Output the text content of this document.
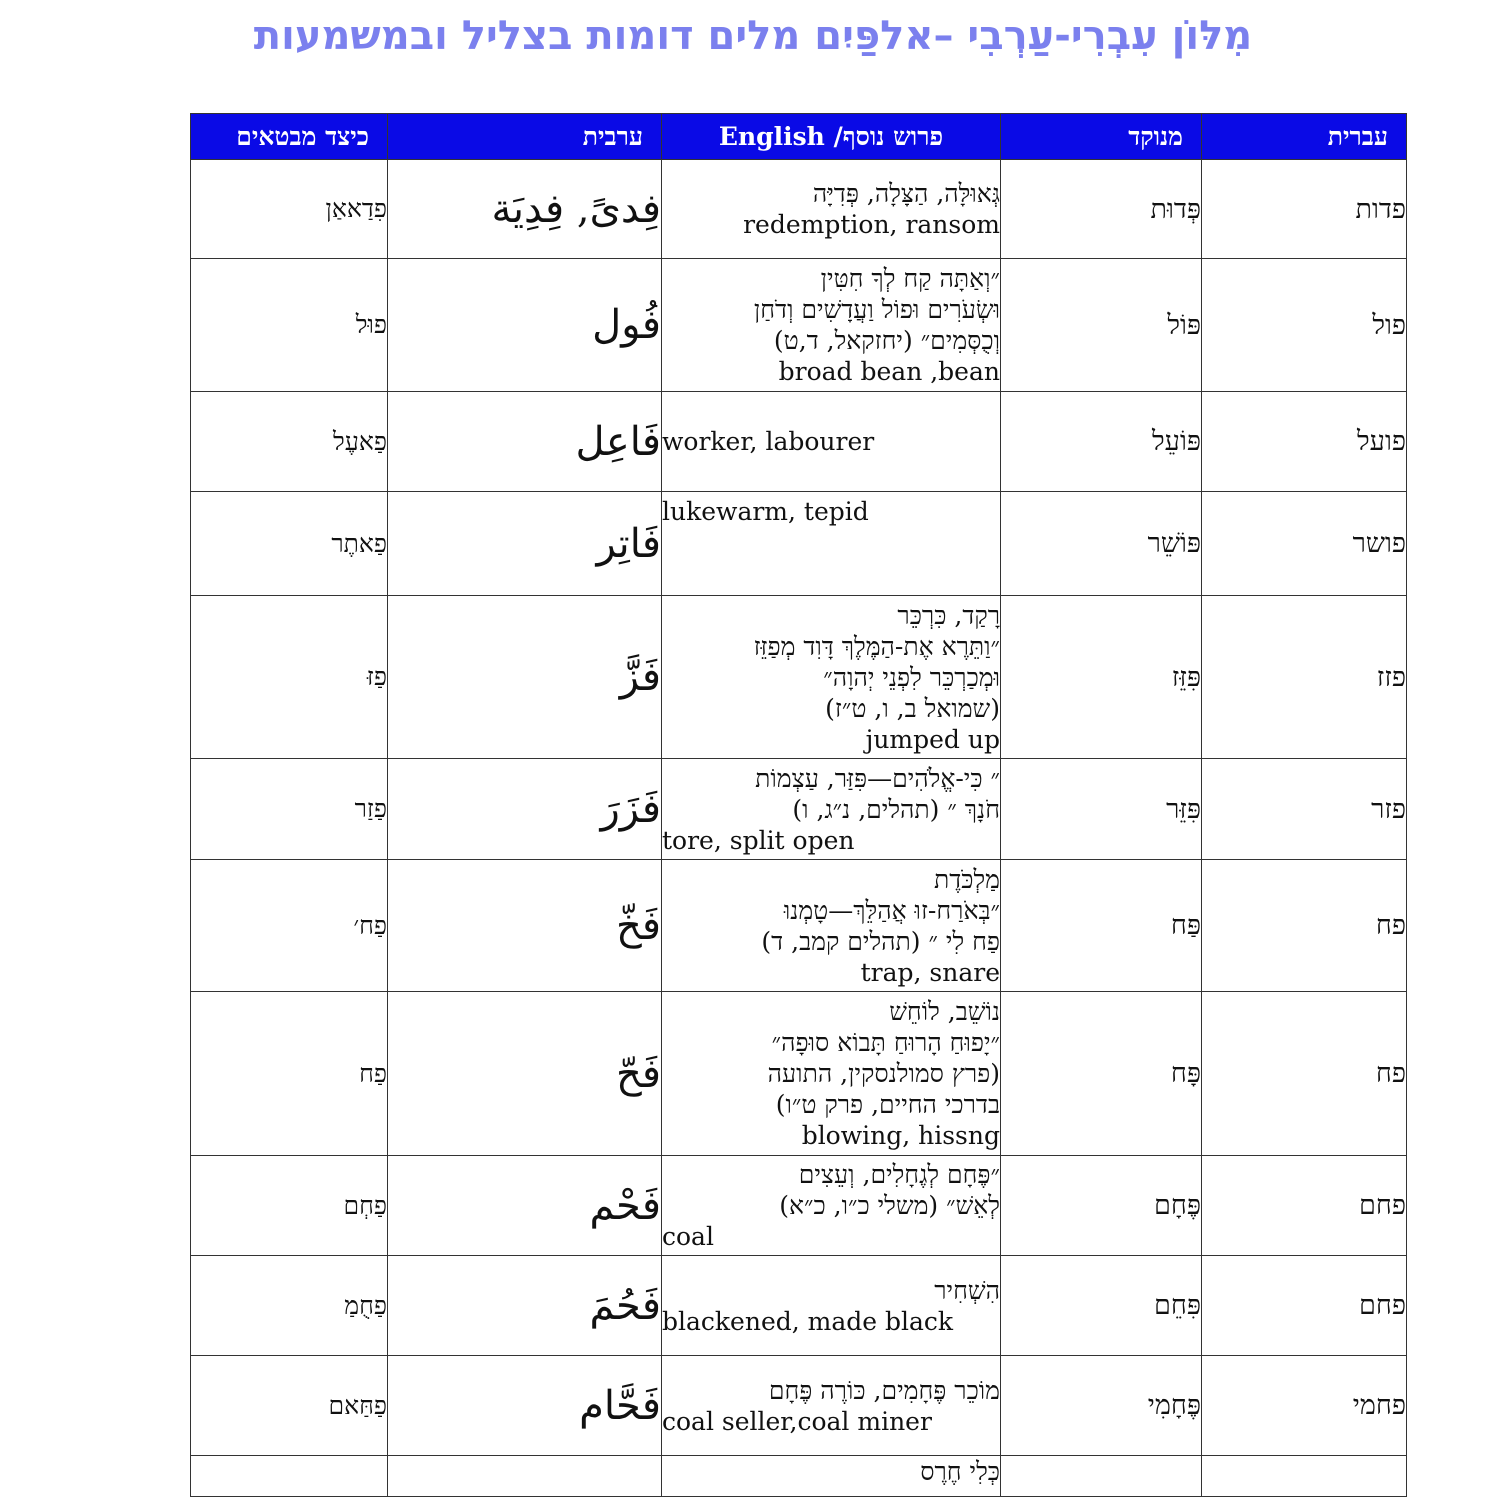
מִלּוֹן עִבְרִי-עַרְבִי –אלפַּיִם מלים דומות בצליל ובמשמעות
כיצד מבטאים	ערבית	English פרוש נוסף/	מנוקד	עברית
פִדַאאַן	فِدىً, فِدِيَة	גְּאוּלָּה, הַצָּלָה, פְּדִיָּה
redemption, ransom	פְּדוּת	פדות
פוּל	فُول	״וְאַתָּה קַח לְךָ חִטִּין
וּשְׂעֹרִים וּפוֹל וַעֲדָשִׁים וְדֹחַן
וְכֻסְּמִים״ (יחזקאל, ד,ט)
broad bean ,bean	פּוֹל	פול
פַאעֶל	فَاعِل	worker, labourer	פּוֹעֵל	פועל
פַאתֶר	فَاتِر	lukewarm, tepid	פּוֹשֵׁר	פושר
פַזּ	فَزَّ	רָקַד, כִּרְכֵּר
״וַתֵּרֶא אֶת-הַמֶּלֶךְ דָּוִד מְפַזֵּז
וּמְכַרְכֵּר לִפְנֵי יְהוָה״
(שמואל ב, ו, ט״ז)
jumped up	פִּזֵּז	פזז
פַזַר	فَزَرَ	״ כִּי-אֱלֹהִים—פִּזַּר, עַצְמוֹת
חֹנָךְ ״ (תהלים, נ״ג, ו)
tore, split open	פִּזֵּר	פזר
פַח׳	فَخّ	מַלְכֹּדֶת
״בְּאֹרַח-זוּ אֲהַלֵּךְ—טָמְנוּ
פַח לִי ״ (תהלים קמב, ד)
trap, snare	פַּח	פח
פַח	فَحّ	נוֹשֵׁב, לוֹחֵשׁ
״יָפוּחַ הָרוּחַ תָּבוֹא סוּפָה״
(פרץ סמולנסקין, התועה
בדרכי החיים, פרק ט״ו)
blowing, hissng	פָּח	פח
פַחְם	فَحْم	״פֶּחָם לְגֶחָלִים, וְעֵצִים
לְאֵשׁ״ (משלי כ״ו, כ״א)
coal	פֶּחָם	פחם
פַחֻמַ	فَحُمَ	הִשְׁחִיר
blackened, made black	פִּחֵם	פחם
פַחַּאם	فَحَّام	מוֹכֵר פֶּחָמִים, כּוֹרֶה פֶּחָם
coal seller,coal miner	פֶּחָמִי	פחמי

		כְּלִי חֶרֶס		
